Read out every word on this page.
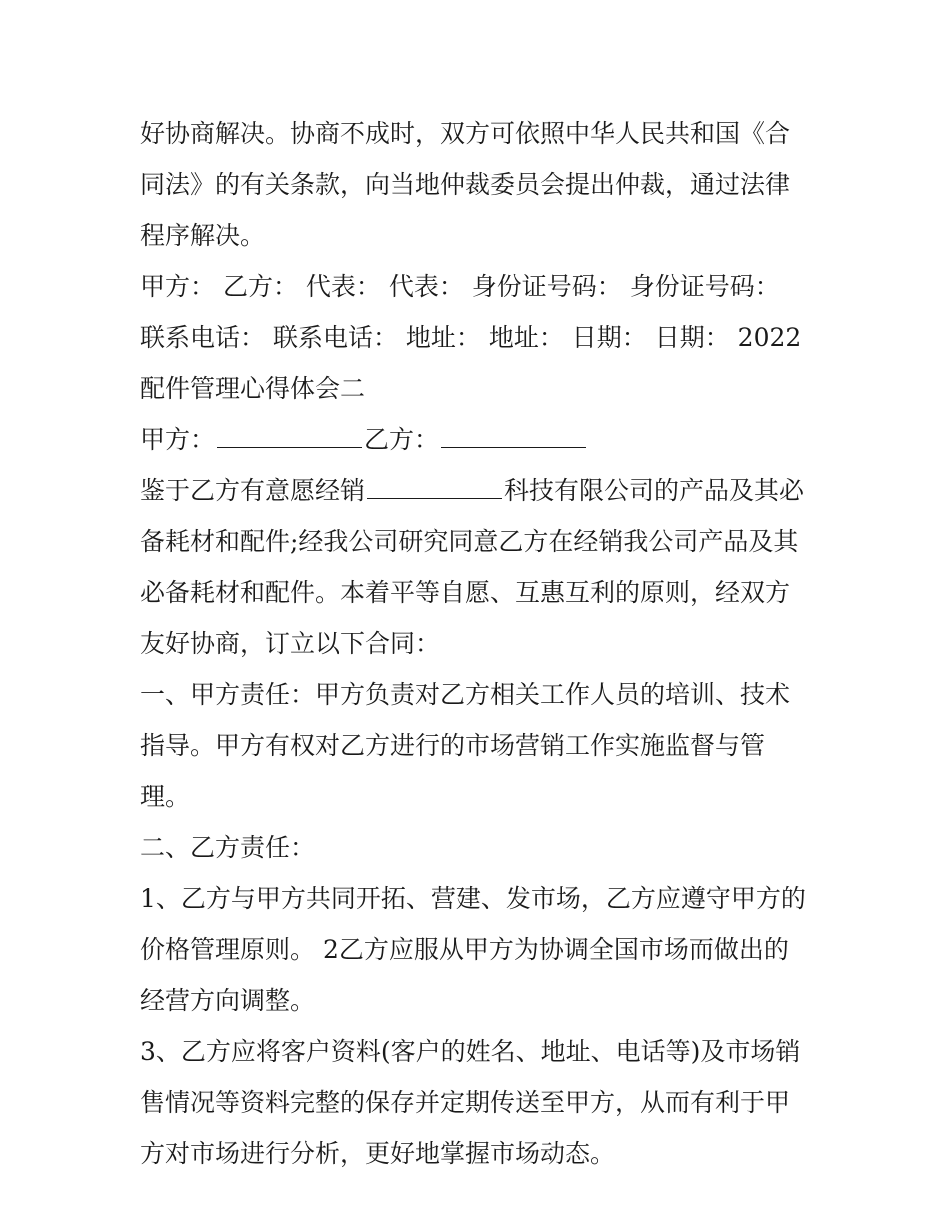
好协商解决。协商不成时，双方可依照中华人民共和国《合同法》的有关条款，向当地仲裁委员会提出仲裁，通过法律程序解决。

甲方： 乙方： 代表： 代表： 身份证号码： 身份证号码： 联系电话： 联系电话： 地址： 地址： 日期： 日期： 2022配件管理心得体会二

甲方：	乙方：

鉴于乙方有意愿经销	科技有限公司的产品及其必备耗材和配件;经我公司研究同意乙方在经销我公司产品及其必备耗材和配件。本着平等自愿、互惠互利的原则，经双方友好协商，订立以下合同：

一、甲方责任：甲方负责对乙方相关工作人员的培训、技术指导。甲方有权对乙方进行的市场营销工作实施监督与管理。

二、乙方责任：

1、乙方与甲方共同开拓、营建、发市场，乙方应遵守甲方的价格管理原则。 2乙方应服从甲方为协调全国市场而做出的经营方向调整。

3、乙方应将客户资料(客户的姓名、地址、电话等)及市场销售情况等资料完整的保存并定期传送至甲方，从而有利于甲方对市场进行分析，更好地掌握市场动态。
